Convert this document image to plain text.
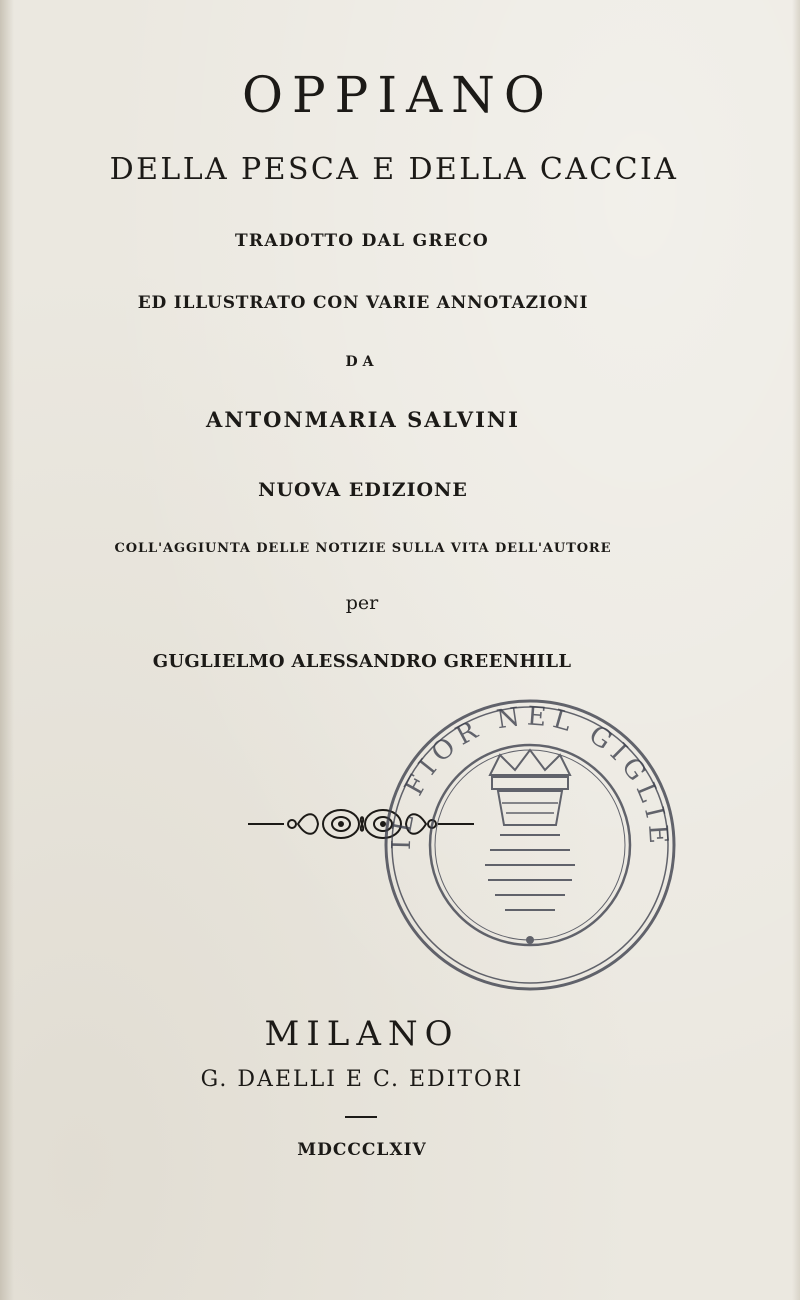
OPPIANO
DELLA PESCA E DELLA CACCIA
TRADOTTO DAL GRECO
ED ILLUSTRATO CON VARIE ANNOTAZIONI
DA
ANTONMARIA SALVINI
NUOVA EDIZIONE
COLL'AGGIUNTA DELLE NOTIZIE SULLA VITA DELL'AUTORE
per
GUGLIELMO ALESSANDRO GREENHILL
IL FIOR NEL GIGLIE
MILANO
G. DAELLI E C. EDITORI
MDCCCLXIV
